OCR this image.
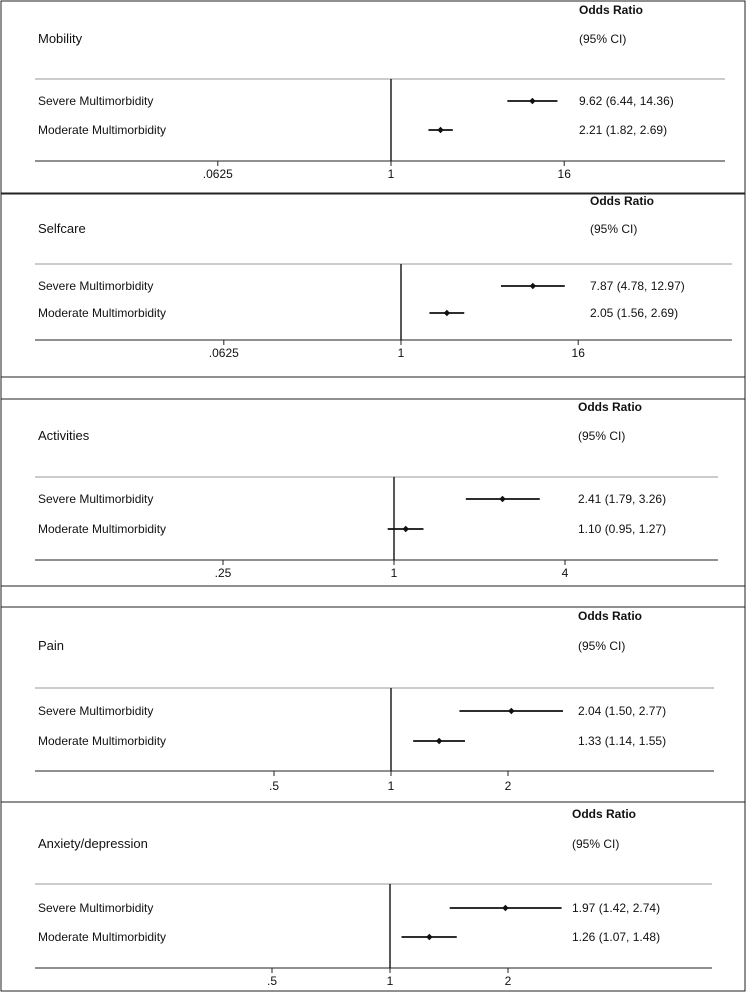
Mobility
Odds Ratio
(95% CI)
.0625	1	16
Severe Multimorbidity	9.62 (6.44, 14.36)
Moderate Multimorbidity	2.21 (1.82, 2.69)
Selfcare
Odds Ratio
(95% CI)
.0625	1	16
Severe Multimorbidity	7.87 (4.78, 12.97)
Moderate Multimorbidity	2.05 (1.56, 2.69)
Activities
Odds Ratio
(95% CI)
.25	1	4
Severe Multimorbidity	2.41 (1.79, 3.26)
Moderate Multimorbidity	1.10 (0.95, 1.27)
Pain
Odds Ratio
(95% CI)
.5	1	2
Severe Multimorbidity	2.04 (1.50, 2.77)
Moderate Multimorbidity	1.33 (1.14, 1.55)
Anxiety/depression
Odds Ratio
(95% CI)
.5	1	2
Severe Multimorbidity	1.97 (1.42, 2.74)
Moderate Multimorbidity	1.26 (1.07, 1.48)
